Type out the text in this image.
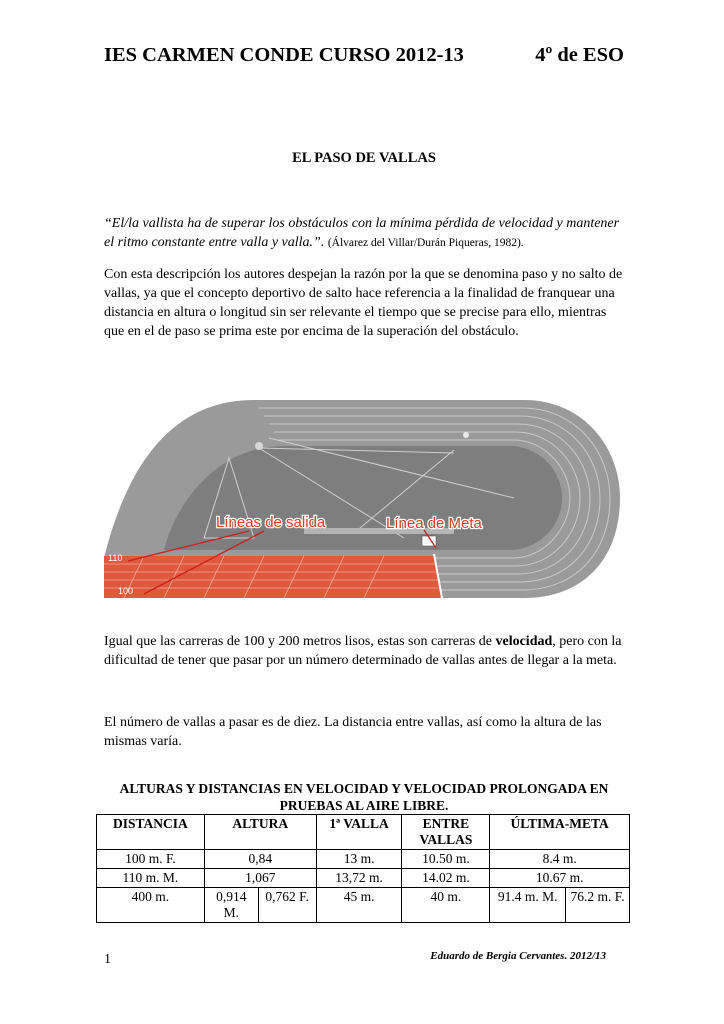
IES CARMEN CONDE CURSO 2012-13	4º de ESO
EL PASO DE VALLAS
“El/la vallista ha de superar los obstáculos con la mínima pérdida de velocidad y mantener el ritmo constante entre valla y valla.”. (Álvarez del Villar/Durán Piqueras, 1982).
Con esta descripción los autores despejan la razón por la que se denomina paso y no salto de vallas, ya que el concepto deportivo de salto hace referencia a la finalidad de franquear una distancia en altura o longitud sin ser relevante el tiempo que se precise para ello, mientras que en el de paso se prima este por encima de la superación del obstáculo.
Líneas de salida	Línea de Meta
110
100
Igual que las carreras de 100 y 200 metros lisos, estas son carreras de velocidad, pero con la dificultad de tener que pasar por un número determinado de vallas antes de llegar a la meta.
El número de vallas a pasar es de diez. La distancia entre vallas, así como la altura de las mismas varía.
ALTURAS Y DISTANCIAS EN VELOCIDAD Y VELOCIDAD PROLONGADA EN PRUEBAS AL AIRE LIBRE.
DISTANCIA	ALTURA		1ª VALLA	ENTRE VALLAS	ÚLTIMA-META	
100 m. F.	0,84		13 m.	10.50 m.	8.4 m.	
110 m. M.	1,067		13,72 m.	14.02 m.	10.67 m.	
400 m.	0,914 M.	0,762 F.	45 m.	40 m.	91.4 m. M.	76.2 m. F.
1	Eduardo de Bergia Cervantes. 2012/13
